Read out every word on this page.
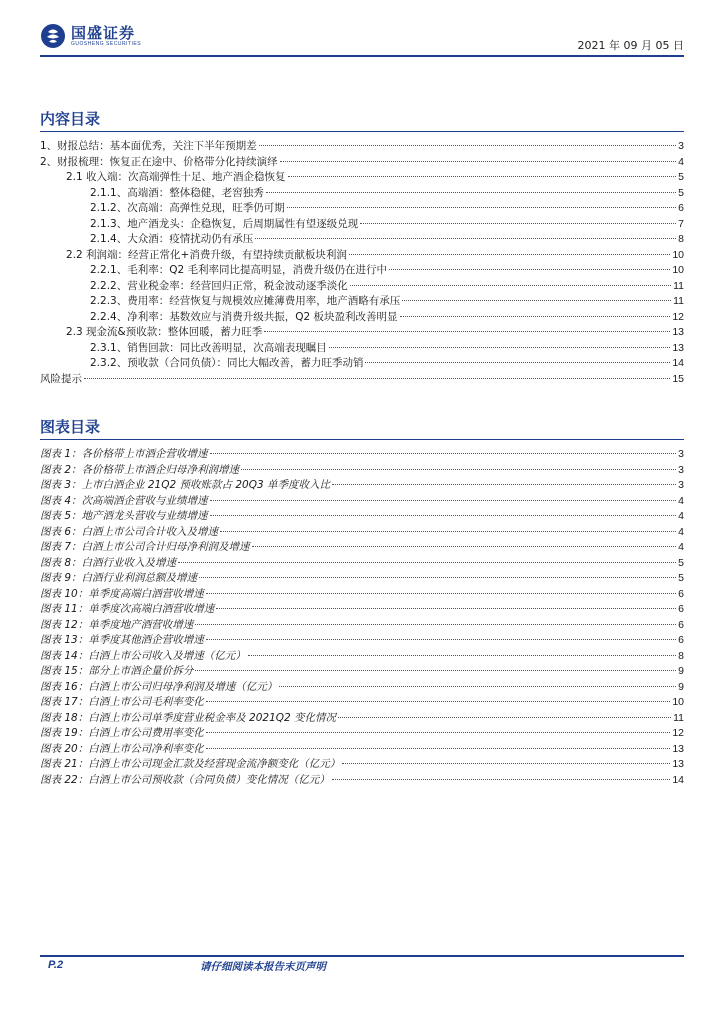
国盛证券
GUOSHENG SECURITIES	2021 年 09 月 05 日
内容目录
1、财报总结：基本面优秀，关注下半年预期差	3
2、财报梳理：恢复正在途中、价格带分化持续演绎	4
2.1 收入端：次高端弹性十足、地产酒企稳恢复	5
2.1.1、高端酒：整体稳健，老窖独秀	5
2.1.2、次高端：高弹性兑现，旺季仍可期	6
2.1.3、地产酒龙头：企稳恢复，后周期属性有望逐级兑现	7
2.1.4、大众酒：疫情扰动仍有承压	8
2.2 利润端：经营正常化+消费升级，有望持续贡献板块利润	10
2.2.1、毛利率：Q2 毛利率同比提高明显，消费升级仍在进行中	10
2.2.2、营业税金率：经营回归正常，税金波动逐季淡化	11
2.2.3、费用率：经营恢复与规模效应摊薄费用率，地产酒略有承压	11
2.2.4、净利率：基数效应与消费升级共振，Q2 板块盈利改善明显	12
2.3 现金流&预收款：整体回暖，蓄力旺季	13
2.3.1、销售回款：同比改善明显，次高端表现瞩目	13
2.3.2、预收款（合同负债）：同比大幅改善，蓄力旺季动销	14
风险提示	15
图表目录
图表 1：各价格带上市酒企营收增速	3
图表 2：各价格带上市酒企归母净利润增速	3
图表 3：上市白酒企业 21Q2 预收账款占 20Q3 单季度收入比	3
图表 4：次高端酒企营收与业绩增速	4
图表 5：地产酒龙头营收与业绩增速	4
图表 6：白酒上市公司合计收入及增速	4
图表 7：白酒上市公司合计归母净利润及增速	4
图表 8：白酒行业收入及增速	5
图表 9：白酒行业利润总额及增速	5
图表 10：单季度高端白酒营收增速	6
图表 11：单季度次高端白酒营收增速	6
图表 12：单季度地产酒营收增速	6
图表 13：单季度其他酒企营收增速	6
图表 14：白酒上市公司收入及增速（亿元）	8
图表 15：部分上市酒企量价拆分	9
图表 16：白酒上市公司归母净利润及增速（亿元）	9
图表 17：白酒上市公司毛利率变化	10
图表 18：白酒上市公司单季度营业税金率及 2021Q2 变化情况	11
图表 19：白酒上市公司费用率变化	12
图表 20：白酒上市公司净利率变化	13
图表 21：白酒上市公司现金汇款及经营现金流净额变化（亿元）	13
图表 22：白酒上市公司预收款（合同负债）变化情况（亿元）	14
P.2	请仔细阅读本报告末页声明
